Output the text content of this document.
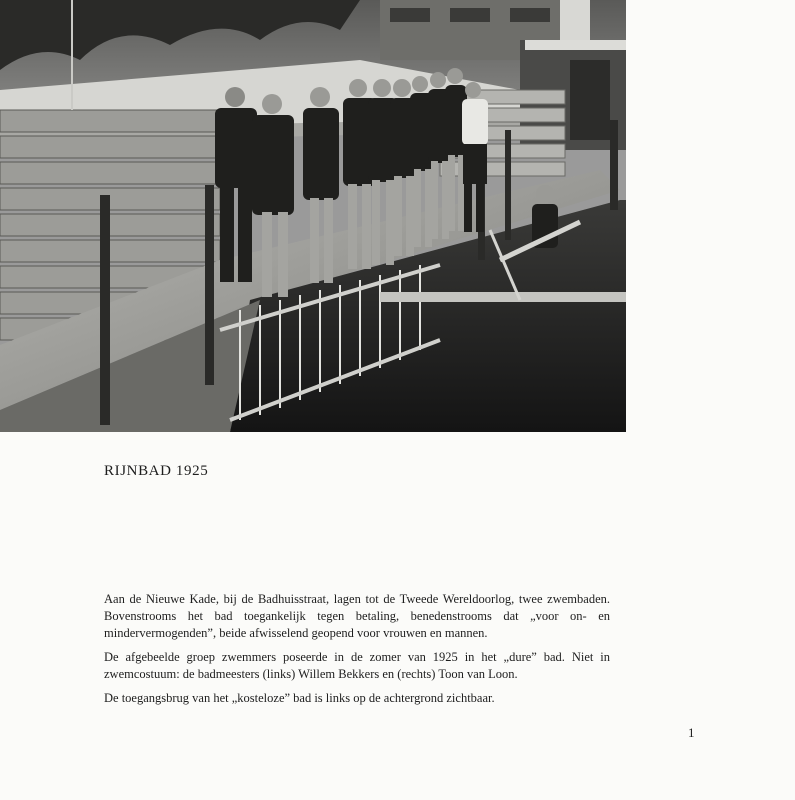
RIJNBAD 1925

Aan de Nieuwe Kade, bij de Badhuisstraat, lagen tot de Tweede Wereldoorlog, twee zwembaden. Bovenstrooms het bad toegankelijk tegen betaling, benedenstrooms dat „voor on- en mindervermogenden”, beide afwisselend geopend voor vrouwen en mannen.

De afgebeelde groep zwemmers poseerde in de zomer van 1925 in het „dure” bad. Niet in zwemcostuum: de badmeesters (links) Willem Bekkers en (rechts) Toon van Loon.

De toegangsbrug van het „kosteloze” bad is links op de achtergrond zichtbaar.

1
